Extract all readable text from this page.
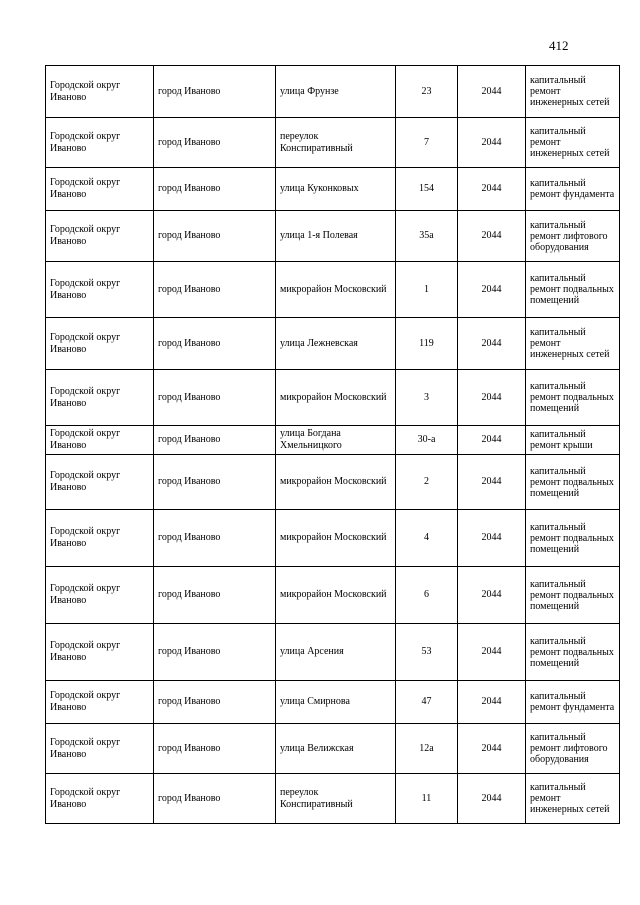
412
Городской округ Иваново	город Иваново	улица Фрунзе	23	2044	капитальный ремонт инженерных сетей
Городской округ Иваново	город Иваново	переулок Конспиративный	7	2044	капитальный ремонт инженерных сетей
Городской округ Иваново	город Иваново	улица Куконковых	154	2044	капитальный ремонт фундамента
Городской округ Иваново	город Иваново	улица 1-я Полевая	35а	2044	капитальный ремонт лифтового оборудования
Городской округ Иваново	город Иваново	микрорайон Московский	1	2044	капитальный ремонт подвальных помещений
Городской округ Иваново	город Иваново	улица Лежневская	119	2044	капитальный ремонт инженерных сетей
Городской округ Иваново	город Иваново	микрорайон Московский	3	2044	капитальный ремонт подвальных помещений
Городской округ Иваново	город Иваново	улица Богдана Хмельницкого	30-а	2044	капитальный ремонт крыши
Городской округ Иваново	город Иваново	микрорайон Московский	2	2044	капитальный ремонт подвальных помещений
Городской округ Иваново	город Иваново	микрорайон Московский	4	2044	капитальный ремонт подвальных помещений
Городской округ Иваново	город Иваново	микрорайон Московский	6	2044	капитальный ремонт подвальных помещений
Городской округ Иваново	город Иваново	улица Арсения	53	2044	капитальный ремонт подвальных помещений
Городской округ Иваново	город Иваново	улица Смирнова	47	2044	капитальный ремонт фундамента
Городской округ Иваново	город Иваново	улица Велижская	12а	2044	капитальный ремонт лифтового оборудования
Городской округ Иваново	город Иваново	переулок Конспиративный	11	2044	капитальный ремонт инженерных сетей
